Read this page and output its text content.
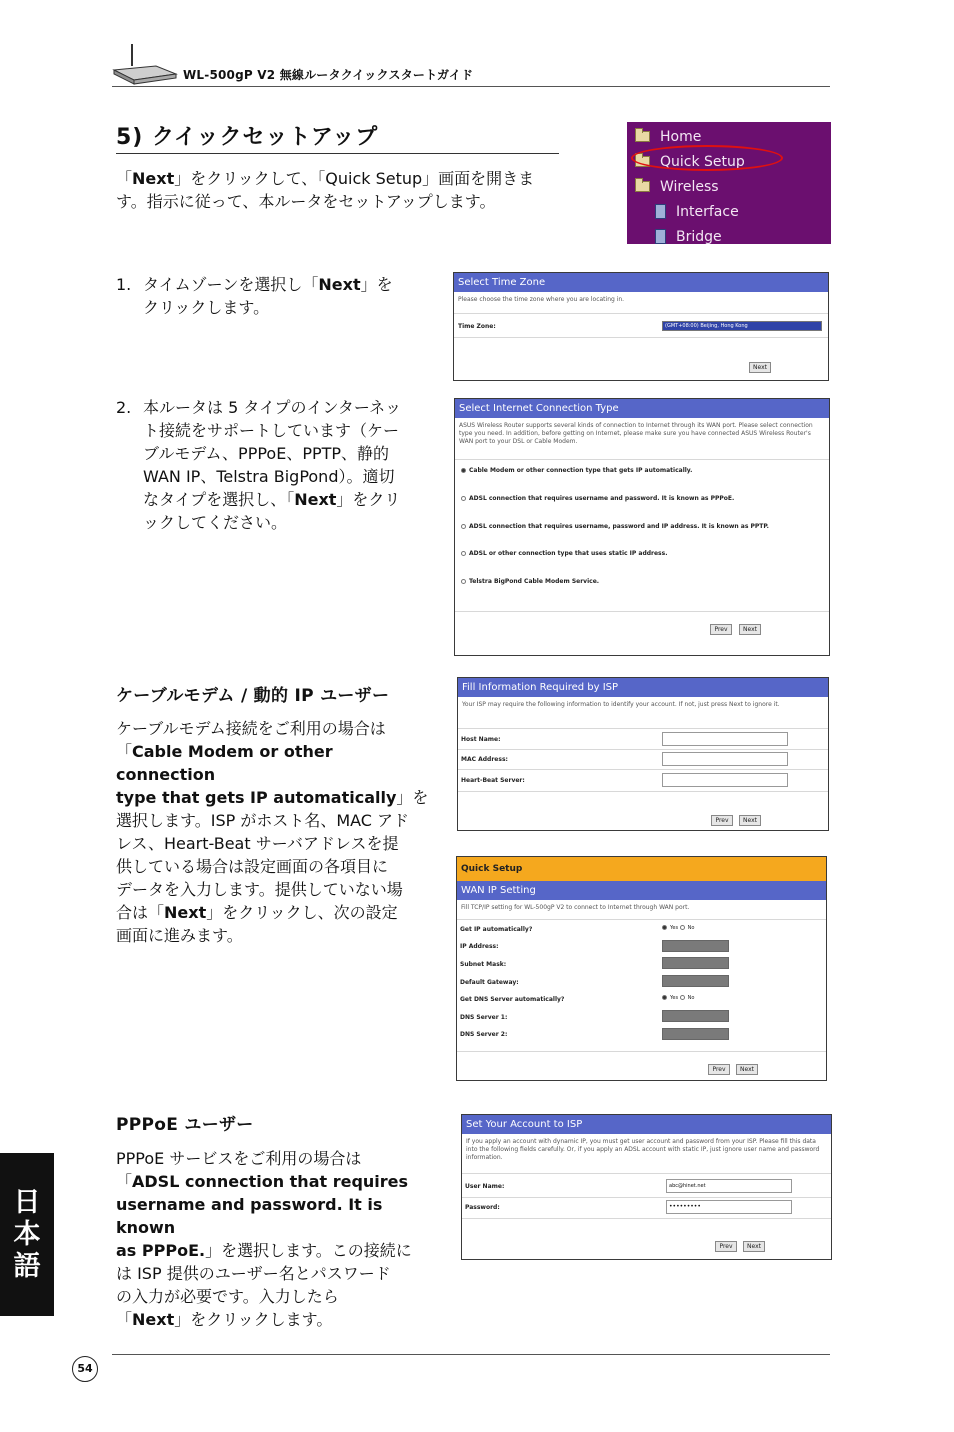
WL-500gP V2 無線ルータクイックスタートガイド
5) クイックセットアップ
「Next」をクリックして、「Quick Setup」画面を開きます。指示に従って、本ルータをセットアップします。
Home
Quick Setup
Wireless
Interface
Bridge
1. タイムゾーンを選択し「Next」を
クリックします。
Select Time Zone
Please choose the time zone where you are locating in.
Time Zone:	(GMT+08:00) Beijing, Hong Kong
Next
2. 本ルータは 5 タイプのインターネッ
ト接続をサポートしています（ケー
ブルモデム、PPPoE、PPTP、静的
WAN IP、Telstra BigPond）。適切
なタイプを選択し、「Next」をクリ
ックしてください。
Select Internet Connection Type
ASUS Wireless Router supports several kinds of connection to Internet through its WAN port. Please select connection type you need. In addition, before getting on Internet, please make sure you have connected ASUS Wireless Router's WAN port to your DSL or Cable Modem.
Cable Modem or other connection type that gets IP automatically.
ADSL connection that requires username and password. It is known as PPPoE.
ADSL connection that requires username, password and IP address. It is known as PPTP.
ADSL or other connection type that uses static IP address.
Telstra BigPond Cable Modem Service.
Prev	Next
ケーブルモデム / 動的 IP ユーザー
ケーブルモデム接続をご利用の場合は
「Cable Modem or other connection
type that gets IP automatically」を
選択します。ISP がホスト名、MAC アド
レス、Heart-Beat サーバアドレスを提
供している場合は設定画面の各項目に
データを入力します。提供していない場
合は「Next」をクリックし、次の設定
画面に進みます。
Fill Information Required by ISP
Your ISP may require the following information to identify your account. If not, just press Next to ignore it.
Host Name:
MAC Address:
Heart-Beat Server:
Prev	Next
Quick Setup
WAN IP Setting
Fill TCP/IP setting for WL-500gP V2 to connect to Internet through WAN port.
Get IP automatically?	Yes No
IP Address:
Subnet Mask:
Default Gateway:
Get DNS Server automatically?	Yes No
DNS Server 1:
DNS Server 2:
Prev	Next
PPPoE ユーザー
PPPoE サービスをご利用の場合は
「ADSL connection that requires
username and password. It is known
as PPPoE.」を選択します。この接続に
は ISP 提供のユーザー名とパスワード
の入力が必要です。入力したら
「Next」をクリックします。
Set Your Account to ISP
If you apply an account with dynamic IP, you must get user account and password from your ISP. Please fill this data into the following fields carefully. Or, if you apply an ADSL account with static IP, just ignore user name and password information.
User Name:	abc@hinet.net
Password:	•••••••••
Prev	Next
日本語
54
